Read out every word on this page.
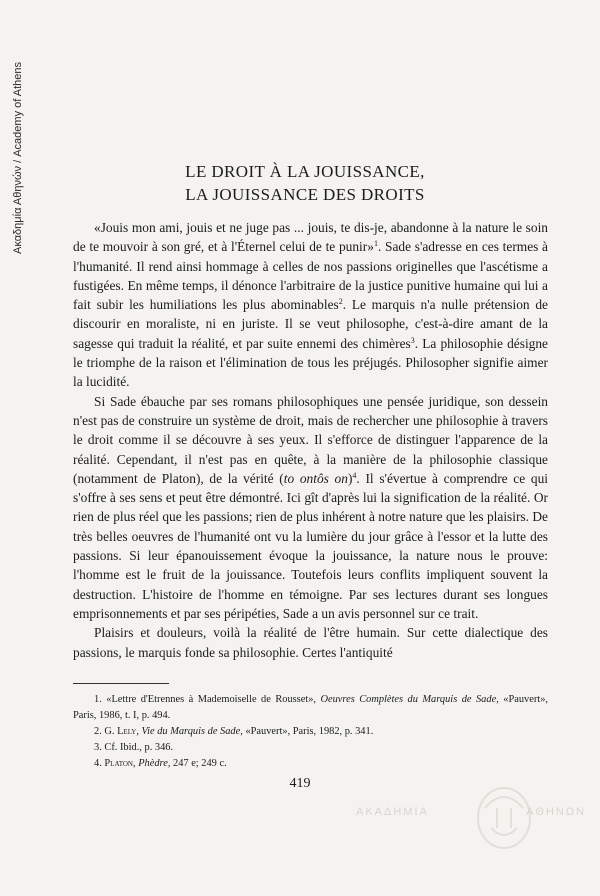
Ακαδημία Αθηνών / Academy of Athens	LE DROIT À LA JOUISSANCE,
LA JOUISSANCE DES DROITS

«Jouis mon ami, jouis et ne juge pas ... jouis, te dis-je, abandonne à la nature le soin de te mouvoir à son gré, et à l'Éternel celui de te punir»$^1$. Sade s'adresse en ces termes à l'humanité. Il rend ainsi hommage à celles de nos passions originelles que l'ascétisme a fustigées. En même temps, il dénonce l'arbitraire de la justice punitive humaine qui lui a fait subir les humiliations les plus abominables$^2$. Le marquis n'a nulle prétension de discourir en moraliste, ni en juriste. Il se veut philosophe, c'est-à-dire amant de la sagesse qui traduit la réalité, et par suite ennemi des chimères$^3$. La philosophie désigne le triomphe de la raison et l'élimination de tous les préjugés. Philosopher signifie aimer la lucidité.

Si Sade ébauche par ses romans philosophiques une pensée juridique, son dessein n'est pas de construire un système de droit, mais de rechercher une philosophie à travers le droit comme il se découvre à ses yeux. Il s'efforce de distinguer l'apparence de la réalité. Cependant, il n'est pas en quête, à la manière de la philosophie classique (notamment de Platon), de la vérité (to ontôs on)$^4$. Il s'évertue à comprendre ce qui s'offre à ses sens et peut être démontré. Ici gît d'après lui la signification de la réalité. Or rien de plus réel que les passions; rien de plus inhérent à notre nature que les plaisirs. De très belles oeuvres de l'humanité ont vu la lumière du jour grâce à l'essor et la lutte des passions. Si leur épanouissement évoque la jouissance, la nature nous le prouve: l'homme est le fruit de la jouissance. Toutefois leurs conflits impliquent souvent la destruction. L'histoire de l'homme en témoigne. Par ses lectures durant ses longues emprisonnements et par ses péripéties, Sade a un avis personnel sur ce trait.

Plaisirs et douleurs, voilà la réalité de l'être humain. Sur cette dialectique des passions, le marquis fonde sa philosophie. Certes l'antiquité

1. «Lettre d'Etrennes à Mademoiselle de Rousset», Oeuvres Complètes du Marquis de Sade, «Pauvert», Paris, 1986, t. I, p. 494.

2. G. Lely, Vie du Marquis de Sade, «Pauvert», Paris, 1982, p. 341.

3. Cf. Ibid., p. 346.

4. Platon, Phèdre, 247 e; 249 c.

419
ΑΚΑΔΗΜΙΑ	ΑΘΗΝΩΝ
